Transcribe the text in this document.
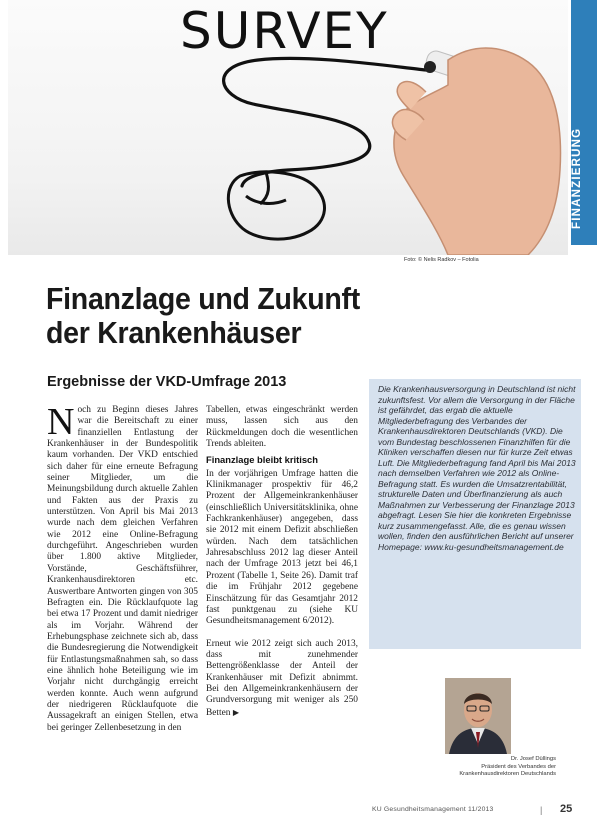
SURVEY
Foto: © Nelis Radkov – Fotolia
FINANZIERUNG
Finanzlage und Zukunft
der Krankenhäuser
Ergebnisse der VKD-Umfrage 2013
N och zu Beginn dieses Jahres war die Bereitschaft zu einer finanziellen Entlastung der Krankenhäuser in der Bundespolitik kaum vorhanden. Der VKD entschied sich daher für eine erneute Befragung seiner Mitglieder, um die Meinungsbildung durch aktuelle Zahlen und Fakten aus der Praxis zu unterstützen. Von April bis Mai 2013 wurde nach dem gleichen Verfahren wie 2012 eine Online-Befragung durchgeführt. Angeschrieben wurden über 1.800 aktive Mitglieder, Vorstände, Geschäftsführer, Krankenhausdirektoren etc. Auswertbare Antworten gingen von 305 Befragten ein. Die Rücklaufquote lag bei etwa 17 Prozent und damit niedriger als im Vorjahr. Während der Erhebungsphase zeichnete sich ab, dass die Bundesregierung die Notwendigkeit für Entlastungsmaßnahmen sah, so dass eine ähnlich hohe Beteiligung wie im Vorjahr nicht durchgängig erreicht werden konnte. Auch wenn aufgrund der niedrigeren Rücklaufquote die Aussagekraft an einigen Stellen, etwa bei geringer Zellenbesetzung in den

Tabellen, etwas eingeschränkt werden muss, lassen sich aus den Rückmeldungen doch die wesentlichen Trends ableiten.

Finanzlage bleibt kritisch

In der vorjährigen Umfrage hatten die Klinikmanager prospektiv für 46,2 Prozent der Allgemeinkrankenhäuser (einschließlich Universitätsklinika, ohne Fachkrankenhäuser) angegeben, dass sie 2012 mit einem Defizit abschließen würden. Nach dem tatsächlichen Jahresabschluss 2012 lag dieser Anteil nach der Umfrage 2013 jetzt bei 46,1 Prozent (Tabelle 1, Seite 26). Damit traf die im Frühjahr 2012 gegebene Einschätzung für das Gesamtjahr 2012 fast punktgenau zu (siehe KU Gesundheitsmanagement 6/2012).

Erneut wie 2012 zeigt sich auch 2013, dass mit zunehmender Bettengrößenklasse der Anteil der Krankenhäuser mit Defizit abnimmt. Bei den Allgemeinkrankenhäusern der Grundversorgung mit weniger als 250 Betten ▶

Die Krankenhausversorgung in Deutschland ist nicht zukunftsfest. Vor allem die Versorgung in der Fläche ist gefährdet, das ergab die aktuelle Mitgliederbefragung des Verbandes der Krankenhausdirektoren Deutschlands (VKD). Die vom Bundestag beschlossenen Finanzhilfen für die Kliniken verschaffen diesen nur für kurze Zeit etwas Luft. Die Mitgliederbefragung fand April bis Mai 2013 nach demselben Verfahren wie 2012 als Online-Befragung statt. Es wurden die Umsatzrentabilität, strukturelle Daten und Überfinanzierung als auch Maßnahmen zur Verbesserung der Finanzlage 2013 abgefragt. Lesen Sie hier die konkreten Ergebnisse kurz zusammengefasst. Alle, die es genau wissen wollen, finden den ausführlichen Bericht auf unserer Homepage: www.ku-gesundheitsmanagement.de
Dr. Josef Düllings
Präsident des Verbandes der
Krankenhausdirektoren Deutschlands
KU Gesundheitsmanagement 11/2013	| 25
